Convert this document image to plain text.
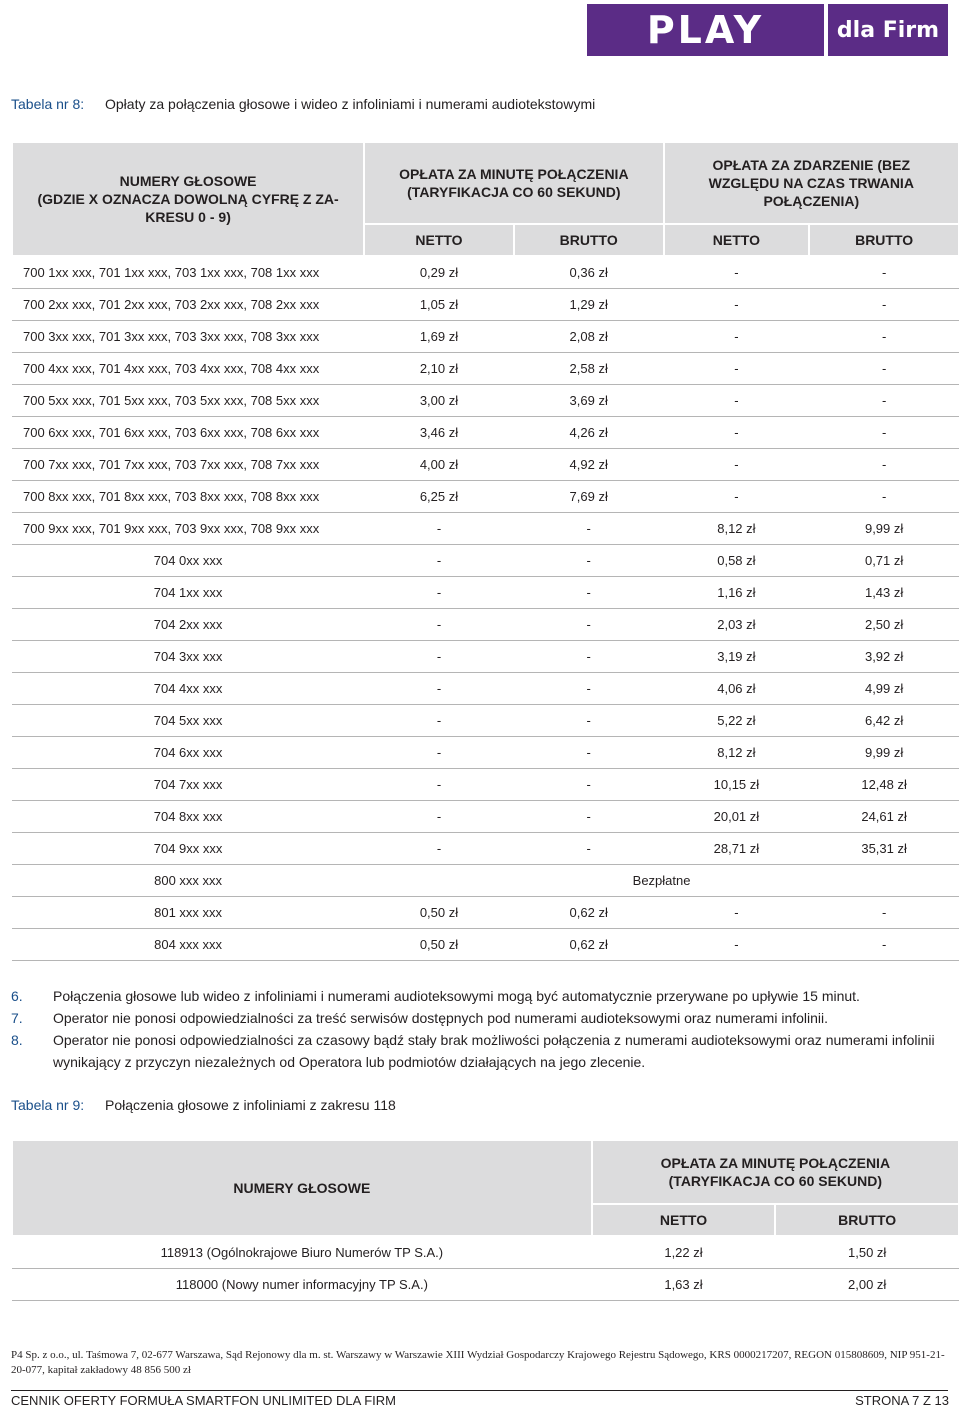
PLAY	dla Firm
Tabela nr 8:	Opłaty za połączenia głosowe i wideo z infoliniami i numerami audiotekstowymi
NUMERY GŁOSOWE
(GDZIE X OZNACZA DOWOLNĄ CYFRĘ Z ZA-
KRESU 0 - 9)	OPŁATA ZA MINUTĘ POŁĄCZENIA
(TARYFIKACJA CO 60 SEKUND)		OPŁATA ZA ZDARZENIE (BEZ
WZGLĘDU NA CZAS TRWANIA
POŁĄCZENIA)	
	NETTO	BRUTTO	NETTO	BRUTTO
700 1xx xxx, 701 1xx xxx, 703 1xx xxx, 708 1xx xxx	0,29 zł	0,36 zł	-	-
700 2xx xxx, 701 2xx xxx, 703 2xx xxx, 708 2xx xxx	1,05 zł	1,29 zł	-	-
700 3xx xxx, 701 3xx xxx, 703 3xx xxx, 708 3xx xxx	1,69 zł	2,08 zł	-	-
700 4xx xxx, 701 4xx xxx, 703 4xx xxx, 708 4xx xxx	2,10 zł	2,58 zł	-	-
700 5xx xxx, 701 5xx xxx, 703 5xx xxx, 708 5xx xxx	3,00 zł	3,69 zł	-	-
700 6xx xxx, 701 6xx xxx, 703 6xx xxx, 708 6xx xxx	3,46 zł	4,26 zł	-	-
700 7xx xxx, 701 7xx xxx, 703 7xx xxx, 708 7xx xxx	4,00 zł	4,92 zł	-	-
700 8xx xxx, 701 8xx xxx, 703 8xx xxx, 708 8xx xxx	6,25 zł	7,69 zł	-	-
700 9xx xxx, 701 9xx xxx, 703 9xx xxx, 708 9xx xxx	-	-	8,12 zł	9,99 zł
704 0xx xxx	-	-	0,58 zł	0,71 zł
704 1xx xxx	-	-	1,16 zł	1,43 zł
704 2xx xxx	-	-	2,03 zł	2,50 zł
704 3xx xxx	-	-	3,19 zł	3,92 zł
704 4xx xxx	-	-	4,06 zł	4,99 zł
704 5xx xxx	-	-	5,22 zł	6,42 zł
704 6xx xxx	-	-	8,12 zł	9,99 zł
704 7xx xxx	-	-	10,15 zł	12,48 zł
704 8xx xxx	-	-	20,01 zł	24,61 zł
704 9xx xxx	-	-	28,71 zł	35,31 zł
800 xxx xxx	Bezpłatne			
801 xxx xxx	0,50 zł	0,62 zł	-	-
804 xxx xxx	0,50 zł	0,62 zł	-	-
6.	Połączenia głosowe lub wideo z infoliniami i numerami audioteksowymi mogą być automatycznie przerywane po upływie 15 minut.
7.	Operator nie ponosi odpowiedzialności za treść serwisów dostępnych pod numerami audioteksowymi oraz numerami infolinii.
8.	Operator nie ponosi odpowiedzialności za czasowy bądź stały brak możliwości połączenia z numerami audioteksowymi oraz numerami infolinii wynikający z przyczyn niezależnych od Operatora lub podmiotów działających na jego zlecenie.
Tabela nr 9:	Połączenia głosowe z infoliniami z zakresu 118
NUMERY GŁOSOWE	OPŁATA ZA MINUTĘ POŁĄCZENIA
(TARYFIKACJA CO 60 SEKUND)	
	NETTO	BRUTTO
118913 (Ogólnokrajowe Biuro Numerów TP S.A.)	1,22 zł	1,50 zł
118000 (Nowy numer informacyjny TP S.A.)	1,63 zł	2,00 zł
P4 Sp. z o.o., ul. Taśmowa 7, 02-677 Warszawa, Sąd Rejonowy dla m. st. Warszawy w Warszawie XIII Wydział Gospodarczy Krajowego Rejestru Sądowego, KRS 0000217207, REGON 015808609, NIP 951-21-20-077, kapitał zakładowy 48 856 500 zł
CENNIK OFERTY FORMUŁA SMARTFON UNLIMITED DLA FIRM	STRONA 7 Z 13
